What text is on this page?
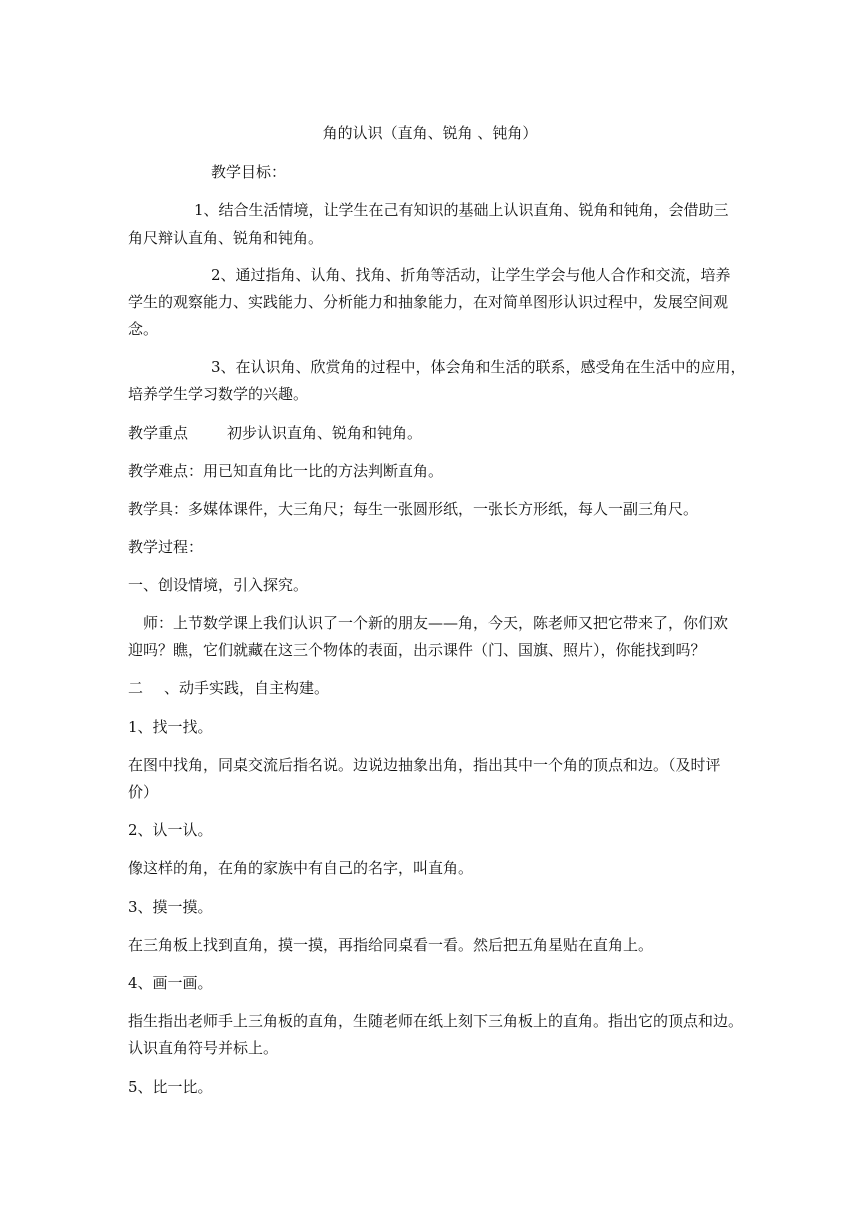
角的认识（直角、锐角 、钝角）
教学目标：
1、结合生活情境，让学生在己有知识的基础上认识直角、锐角和钝角，会借助三
角尺辩认直角、锐角和钝角。
2、通过指角、认角、找角、折角等活动，让学生学会与他人合作和交流，培养
学生的观察能力、实践能力、分析能力和抽象能力，在对简单图形认识过程中，发展空间观
念。
3、在认识角、欣赏角的过程中，体会角和生活的联系，感受角在生活中的应用，
培养学生学习数学的兴趣。
教学重点	初步认识直角、锐角和钝角。
教学难点：用已知直角比一比的方法判断直角。
教学具：多媒体课件，大三角尺；每生一张圆形纸，一张长方形纸，每人一副三角尺。
教学过程：
一、创设情境，引入探究。
师：上节数学课上我们认识了一个新的朋友——角，今天，陈老师又把它带来了，你们欢
迎吗？瞧，它们就藏在这三个物体的表面，出示课件（门、国旗、照片），你能找到吗？
二 、动手实践，自主构建。
1、找一找。
在图中找角，同桌交流后指名说。边说边抽象出角，指出其中一个角的顶点和边。（及时评
价）
2、认一认。
像这样的角，在角的家族中有自己的名字，叫直角。
3、摸一摸。
在三角板上找到直角，摸一摸，再指给同桌看一看。然后把五角星贴在直角上。
4、画一画。
指生指出老师手上三角板的直角，生随老师在纸上刻下三角板上的直角。指出它的顶点和边。
认识直角符号并标上。
5、比一比。
